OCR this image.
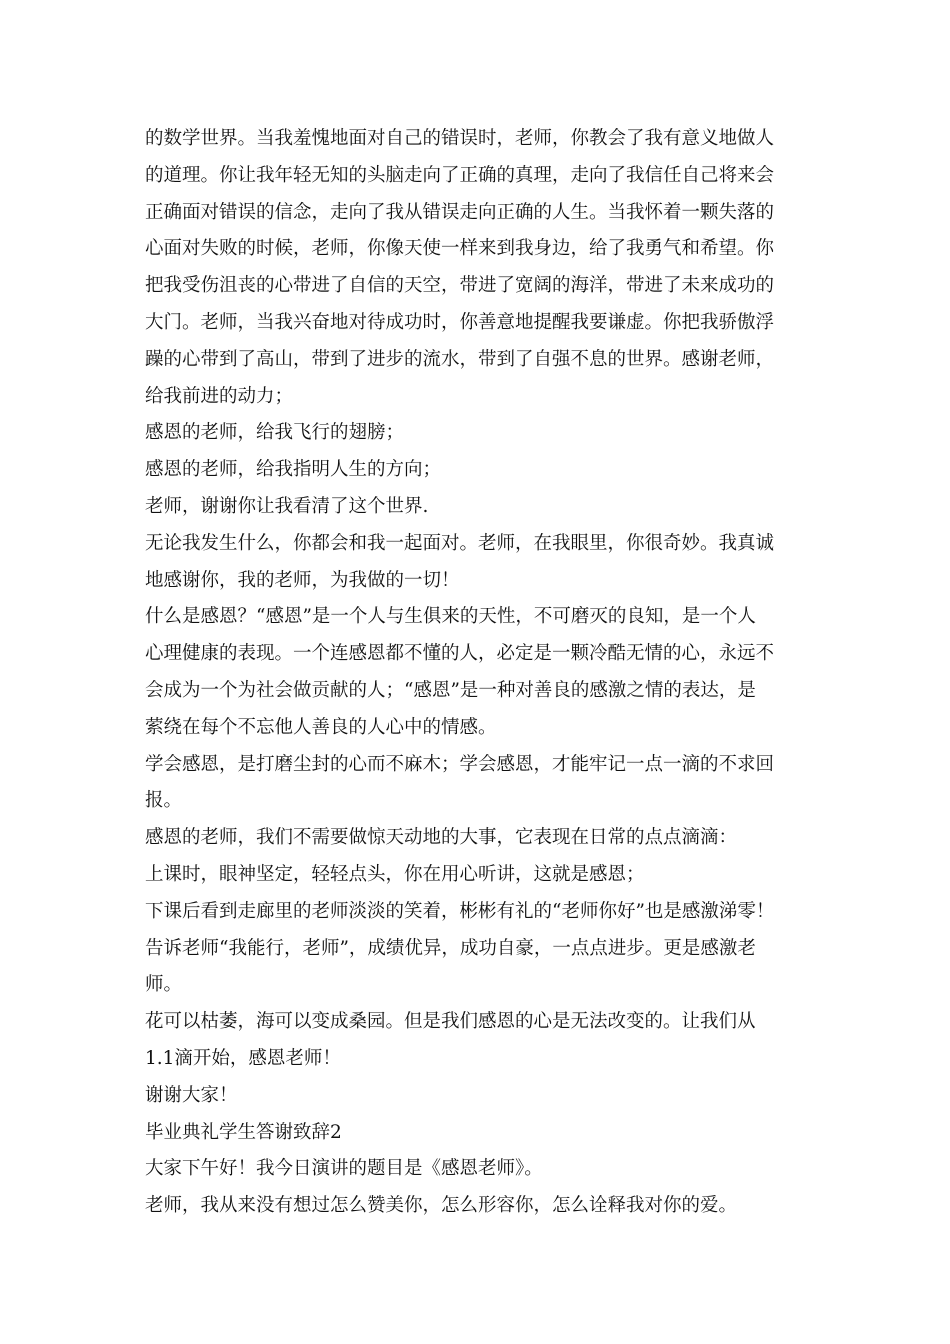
的数学世界。当我羞愧地面对自己的错误时，老师，你教会了我有意义地做人
的道理。你让我年轻无知的头脑走向了正确的真理，走向了我信任自己将来会
正确面对错误的信念，走向了我从错误走向正确的人生。当我怀着一颗失落的
心面对失败的时候，老师，你像天使一样来到我身边，给了我勇气和希望。你
把我受伤沮丧的心带进了自信的天空，带进了宽阔的海洋，带进了未来成功的
大门。老师，当我兴奋地对待成功时，你善意地提醒我要谦虚。你把我骄傲浮
躁的心带到了高山，带到了进步的流水，带到了自强不息的世界。感谢老师，
给我前进的动力；
感恩的老师，给我飞行的翅膀；
感恩的老师，给我指明人生的方向；
老师，谢谢你让我看清了这个世界.
无论我发生什么，你都会和我一起面对。老师，在我眼里，你很奇妙。我真诚
地感谢你，我的老师，为我做的一切！
什么是感恩？“感恩”是一个人与生俱来的天性，不可磨灭的良知，是一个人
心理健康的表现。一个连感恩都不懂的人，必定是一颗冷酷无情的心，永远不
会成为一个为社会做贡献的人；“感恩”是一种对善良的感激之情的表达，是
萦绕在每个不忘他人善良的人心中的情感。
学会感恩，是打磨尘封的心而不麻木；学会感恩，才能牢记一点一滴的不求回
报。
感恩的老师，我们不需要做惊天动地的大事，它表现在日常的点点滴滴：
上课时，眼神坚定，轻轻点头，你在用心听讲，这就是感恩；
下课后看到走廊里的老师淡淡的笑着，彬彬有礼的“老师你好”也是感激涕零！
告诉老师“我能行，老师”，成绩优异，成功自豪，一点点进步。更是感激老
师。
花可以枯萎，海可以变成桑园。但是我们感恩的心是无法改变的。让我们从
1.1滴开始，感恩老师！
谢谢大家！
毕业典礼学生答谢致辞2
大家下午好！我今日演讲的题目是《感恩老师》。
老师，我从来没有想过怎么赞美你，怎么形容你，怎么诠释我对你的爱。
